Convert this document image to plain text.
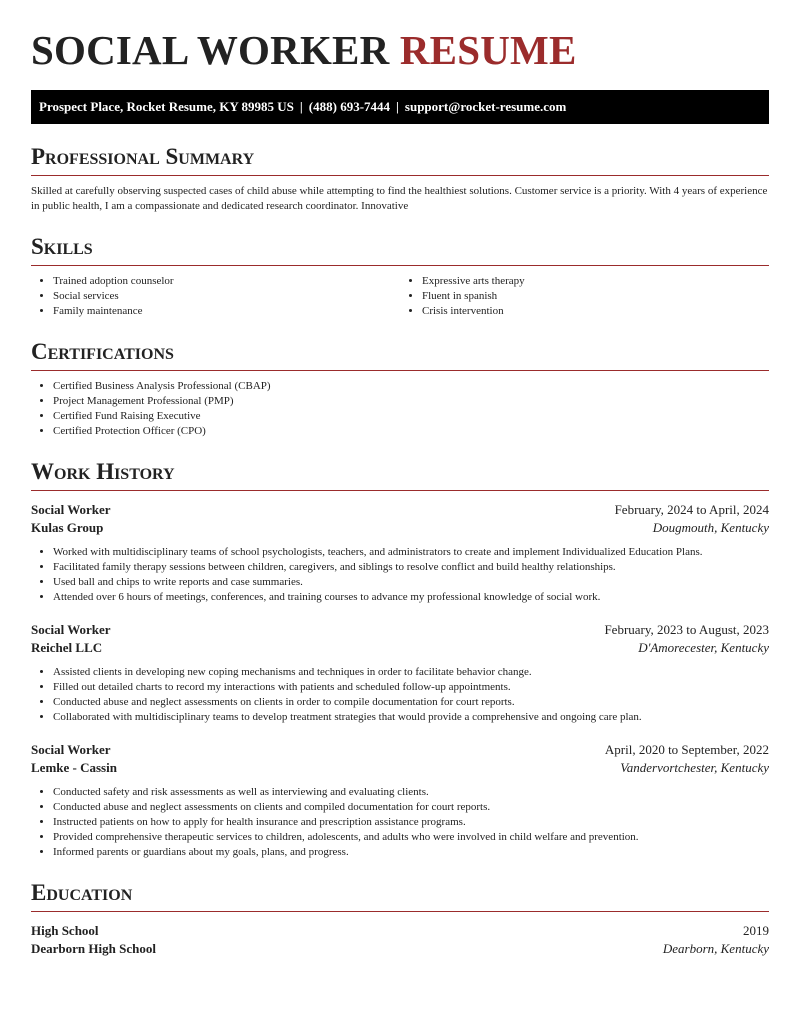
SOCIAL WORKER RESUME
Prospect Place, Rocket Resume, KY 89985 US | (488) 693-7444 | support@rocket-resume.com
Professional Summary

Skilled at carefully observing suspected cases of child abuse while attempting to find the healthiest solutions. Customer service is a priority. With 4 years of experience in public health, I am a compassionate and dedicated research coordinator. Innovative

Skills
• Trained adoption counselor
• Social services
• Family maintenance
• Expressive arts therapy
• Fluent in spanish
• Crisis intervention
Certifications
• Certified Business Analysis Professional (CBAP)
• Project Management Professional (PMP)
• Certified Fund Raising Executive
• Certified Protection Officer (CPO)
Work History
Social Worker	February, 2024 to April, 2024
Kulas Group	Dougmouth, Kentucky
• Worked with multidisciplinary teams of school psychologists, teachers, and administrators to create and implement Individualized Education Plans.
• Facilitated family therapy sessions between children, caregivers, and siblings to resolve conflict and build healthy relationships.
• Used ball and chips to write reports and case summaries.
• Attended over 6 hours of meetings, conferences, and training courses to advance my professional knowledge of social work.
Social Worker	February, 2023 to August, 2023
Reichel LLC	D'Amorecester, Kentucky
• Assisted clients in developing new coping mechanisms and techniques in order to facilitate behavior change.
• Filled out detailed charts to record my interactions with patients and scheduled follow-up appointments.
• Conducted abuse and neglect assessments on clients in order to compile documentation for court reports.
• Collaborated with multidisciplinary teams to develop treatment strategies that would provide a comprehensive and ongoing care plan.
Social Worker	April, 2020 to September, 2022
Lemke - Cassin	Vandervortchester, Kentucky
• Conducted safety and risk assessments as well as interviewing and evaluating clients.
• Conducted abuse and neglect assessments on clients and compiled documentation for court reports.
• Instructed patients on how to apply for health insurance and prescription assistance programs.
• Provided comprehensive therapeutic services to children, adolescents, and adults who were involved in child welfare and prevention.
• Informed parents or guardians about my goals, plans, and progress.
Education
High School	2019
Dearborn High School	Dearborn, Kentucky
